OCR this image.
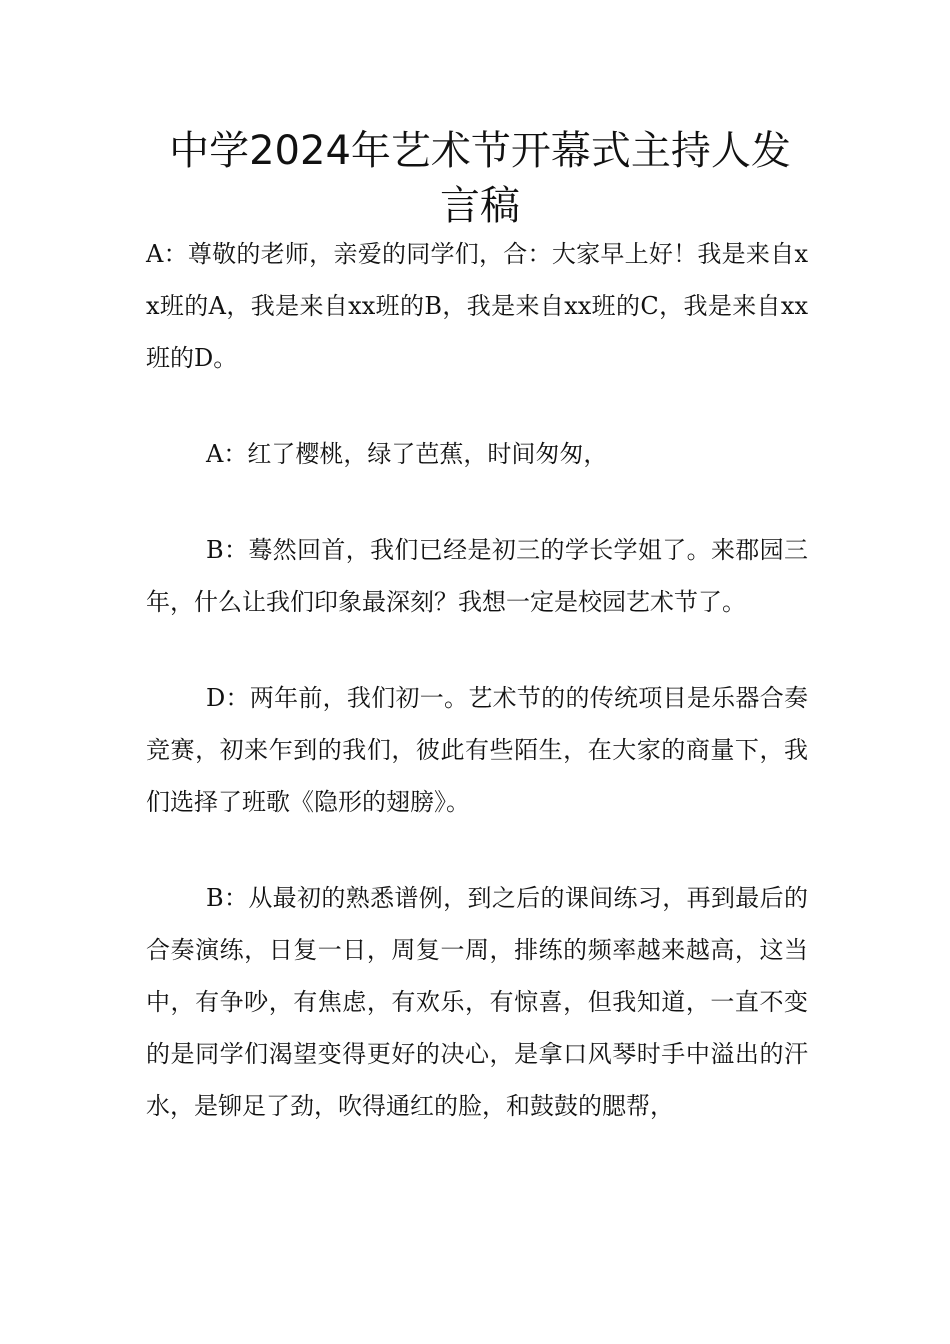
中学2024年艺术节开幕式主持人发言稿

A：尊敬的老师，亲爱的同学们，合：大家早上好！我是来自xx班的A，我是来自xx班的B，我是来自xx班的C，我是来自xx班的D。

A：红了樱桃，绿了芭蕉，时间匆匆，

B：蓦然回首，我们已经是初三的学长学姐了。来郡园三年，什么让我们印象最深刻？我想一定是校园艺术节了。

D：两年前，我们初一。艺术节的的传统项目是乐器合奏竞赛，初来乍到的我们，彼此有些陌生，在大家的商量下，我们选择了班歌《隐形的翅膀》。

B：从最初的熟悉谱例，到之后的课间练习，再到最后的合奏演练，日复一日，周复一周，排练的频率越来越高，这当中，有争吵，有焦虑，有欢乐，有惊喜，但我知道，一直不变的是同学们渴望变得更好的决心，是拿口风琴时手中溢出的汗水，是铆足了劲，吹得通红的脸，和鼓鼓的腮帮，
